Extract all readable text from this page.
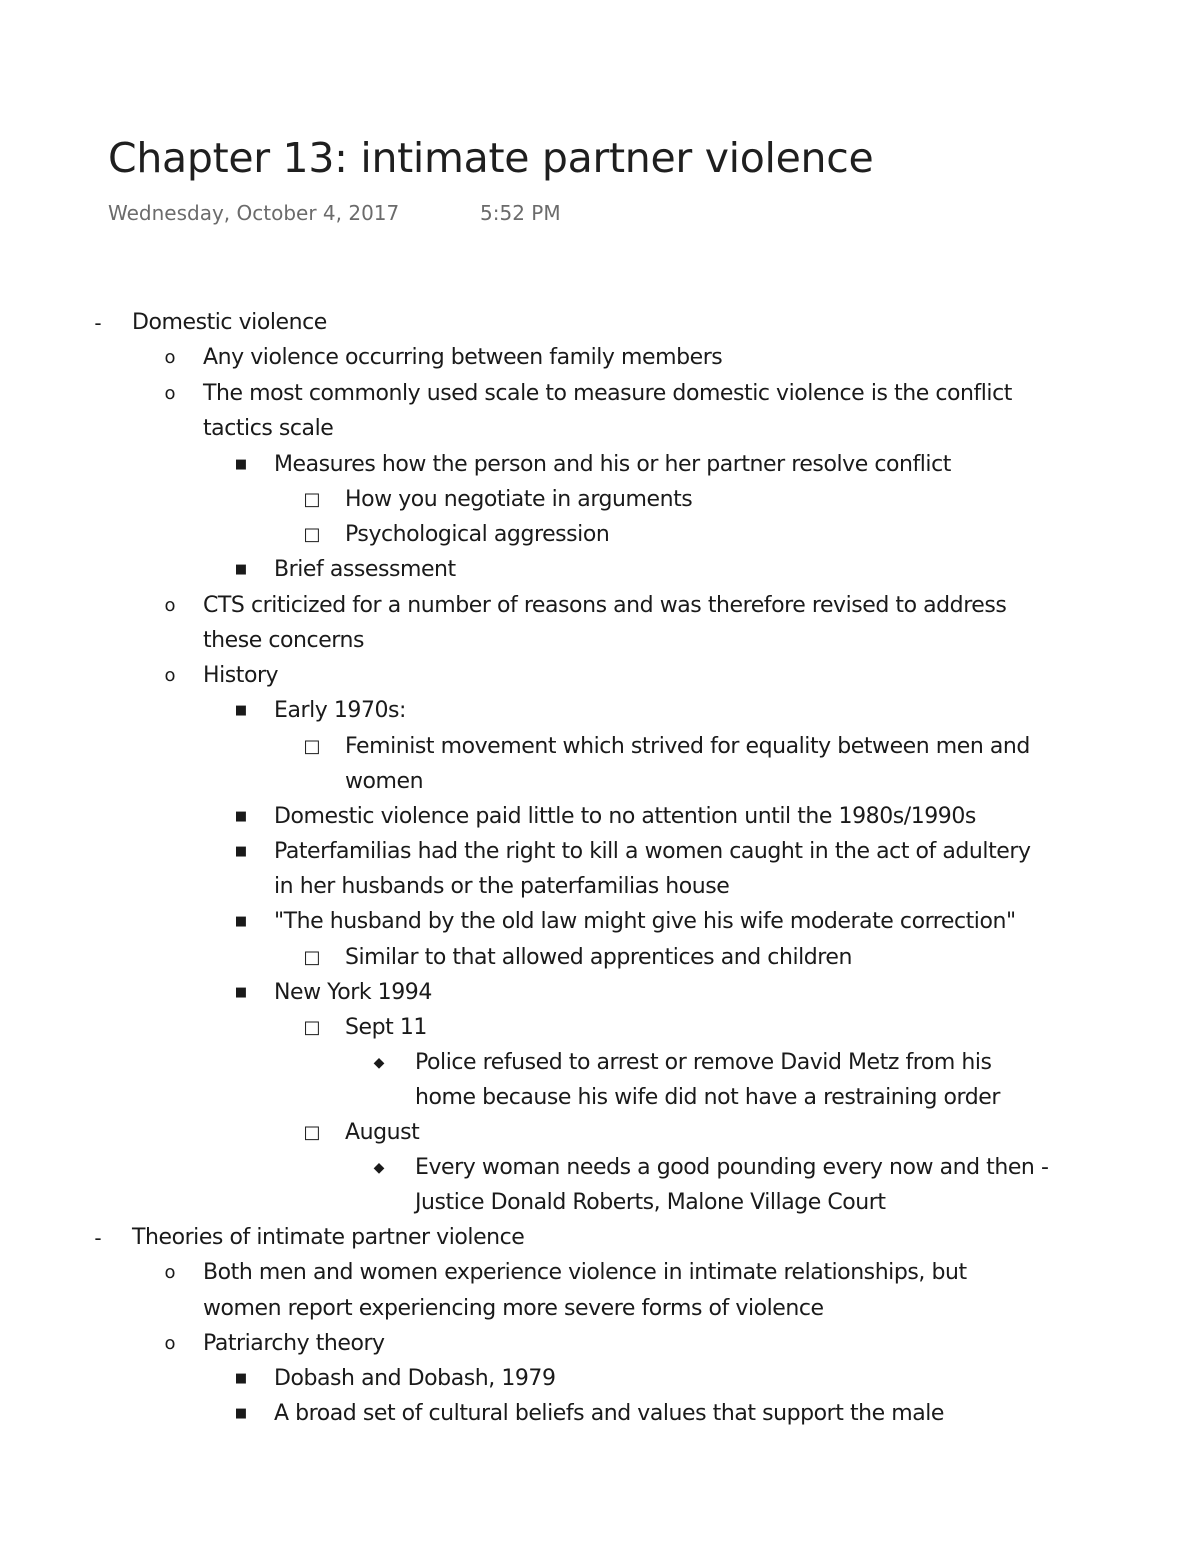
Chapter 13: intimate partner violence
Wednesday, October 4, 2017	5:52 PM
- Domestic violence
o Any violence occurring between family members
o The most commonly used scale to measure domestic violence is the conflict
tactics scale
■ Measures how the person and his or her partner resolve conflict
□ How you negotiate in arguments
□ Psychological aggression
■ Brief assessment
o CTS criticized for a number of reasons and was therefore revised to address
these concerns
o History
■ Early 1970s:
□ Feminist movement which strived for equality between men and
women
■ Domestic violence paid little to no attention until the 1980s/1990s
■ Paterfamilias had the right to kill a women caught in the act of adultery
in her husbands or the paterfamilias house
■ "The husband by the old law might give his wife moderate correction"
□ Similar to that allowed apprentices and children
■ New York 1994
□ Sept 11
◆ Police refused to arrest or remove David Metz from his
home because his wife did not have a restraining order
□ August
◆ Every woman needs a good pounding every now and then -
Justice Donald Roberts, Malone Village Court
- Theories of intimate partner violence
o Both men and women experience violence in intimate relationships, but
women report experiencing more severe forms of violence
o Patriarchy theory
■ Dobash and Dobash, 1979
■ A broad set of cultural beliefs and values that support the male
